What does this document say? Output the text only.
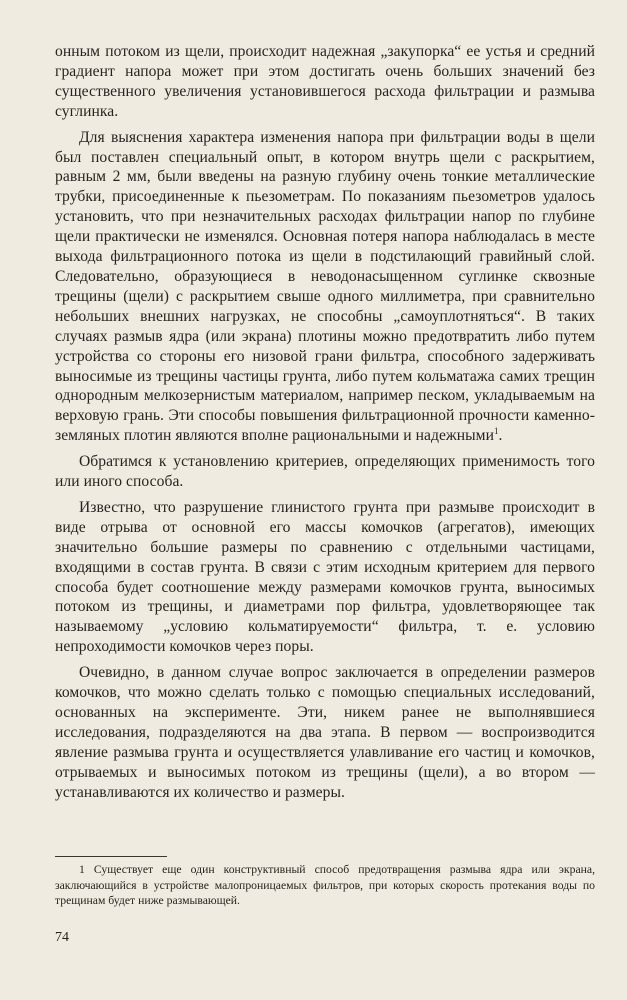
онным потоком из щели, происходит надежная „закупорка“ ее устья и средний градиент напора может при этом достигать очень больших значений без существенного увеличения установившегося расхода фильтрации и размыва суглинка.

Для выяснения характера изменения напора при фильтрации воды в щели был поставлен специальный опыт, в котором внутрь щели с раскрытием, равным 2 мм, были введены на разную глубину очень тонкие металлические трубки, присоединенные к пьезометрам. По показаниям пьезометров удалось установить, что при незначительных расходах фильтрации напор по глубине щели практически не изменялся. Основная потеря напора наблюдалась в месте выхода фильтрационного потока из щели в подстилающий гравийный слой. Следовательно, образующиеся в неводонасыщенном суглинке сквозные трещины (щели) с раскрытием свыше одного миллиметра, при сравнительно небольших внешних нагрузках, не способны „самоуплотняться“. В таких случаях размыв ядра (или экрана) плотины можно предотвратить либо путем устройства со стороны его низовой грани фильтра, способного задерживать выносимые из трещины частицы грунта, либо путем кольматажа самих трещин однородным мелкозернистым материалом, например песком, укладываемым на верховую грань. Эти способы повышения фильтрационной прочности каменно-земляных плотин являются вполне рациональными и надежными$^1$.

Обратимся к установлению критериев, определяющих применимость того или иного способа.

Известно, что разрушение глинистого грунта при размыве происходит в виде отрыва от основной его массы комочков (агрегатов), имеющих значительно большие размеры по сравнению с отдельными частицами, входящими в состав грунта. В связи с этим исходным критерием для первого способа будет соотношение между размерами комочков грунта, выносимых потоком из трещины, и диаметрами пор фильтра, удовлетворяющее так называемому „условию кольматируемости“ фильтра, т. е. условию непроходимости комочков через поры.

Очевидно, в данном случае вопрос заключается в определении размеров комочков, что можно сделать только с помощью специальных исследований, основанных на эксперименте. Эти, никем ранее не выполнявшиеся исследования, подразделяются на два этапа. В первом — воспроизводится явление размыва грунта и осуществляется улавливание его частиц и комочков, отрываемых и выносимых потоком из трещины (щели), а во втором — устанавливаются их количество и размеры.

1 Существует еще один конструктивный способ предотвращения размыва ядра или экрана, заключающийся в устройстве малопроницаемых фильтров, при которых скорость протекания воды по трещинам будет ниже размывающей.

74
